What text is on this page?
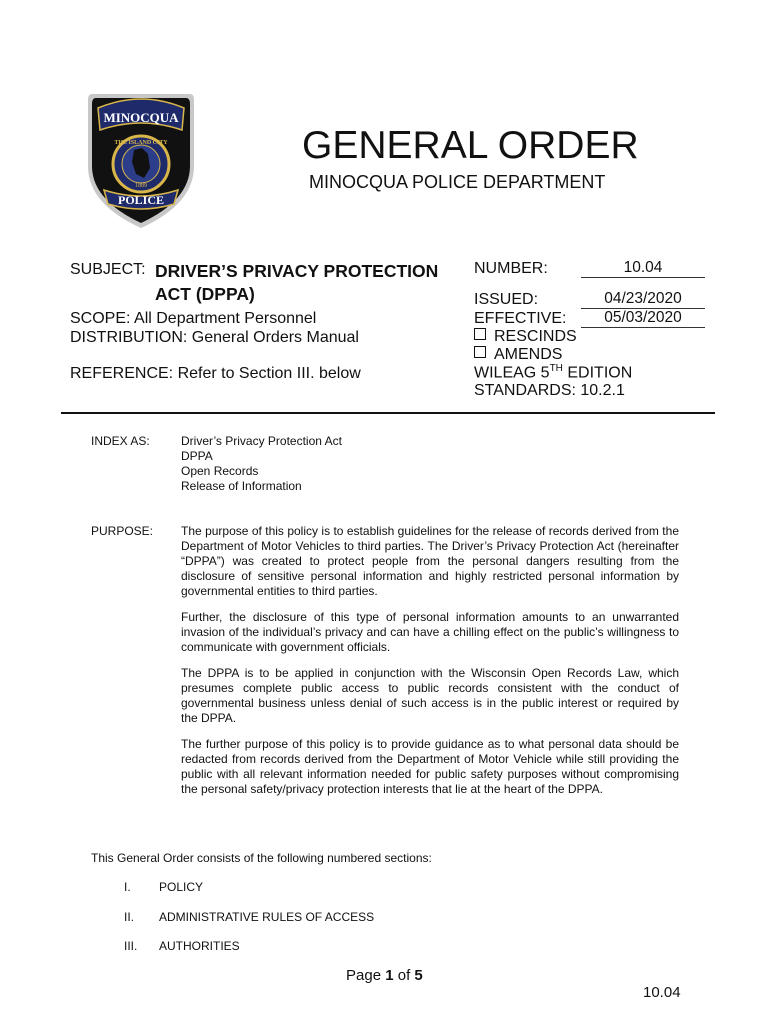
MINOCQUA
THE ISLAND CITY
1889
POLICE
GENERAL ORDER
MINOCQUA POLICE DEPARTMENT
SUBJECT: DRIVER’S PRIVACY PROTECTION
ACT (DPPA)
SCOPE: All Department Personnel
DISTRIBUTION: General Orders Manual
REFERENCE: Refer to Section III. below
NUMBER:	10.04
ISSUED:	04/23/2020
EFFECTIVE:	05/03/2020
RESCINDS
AMENDS
WILEAG 5TH EDITION
STANDARDS: 10.2.1
INDEX AS:	Driver’s Privacy Protection Act
DPPA
Open Records
Release of Information
PURPOSE: The purpose of this policy is to establish guidelines for the release of records derived from the Department of Motor Vehicles to third parties. The Driver’s Privacy Protection Act (hereinafter “DPPA”) was created to protect people from the personal dangers resulting from the disclosure of sensitive personal information and highly restricted personal information by governmental entities to third parties.

Further, the disclosure of this type of personal information amounts to an unwarranted invasion of the individual’s privacy and can have a chilling effect on the public’s willingness to communicate with government officials.

The DPPA is to be applied in conjunction with the Wisconsin Open Records Law, which presumes complete public access to public records consistent with the conduct of governmental business unless denial of such access is in the public interest or required by the DPPA.

The further purpose of this policy is to provide guidance as to what personal data should be redacted from records derived from the Department of Motor Vehicle while still providing the public with all relevant information needed for public safety purposes without compromising the personal safety/privacy protection interests that lie at the heart of the DPPA.

This General Order consists of the following numbered sections:
I.	POLICY
II.	ADMINISTRATIVE RULES OF ACCESS
III.	AUTHORITIES
Page 1 of 5
10.04
